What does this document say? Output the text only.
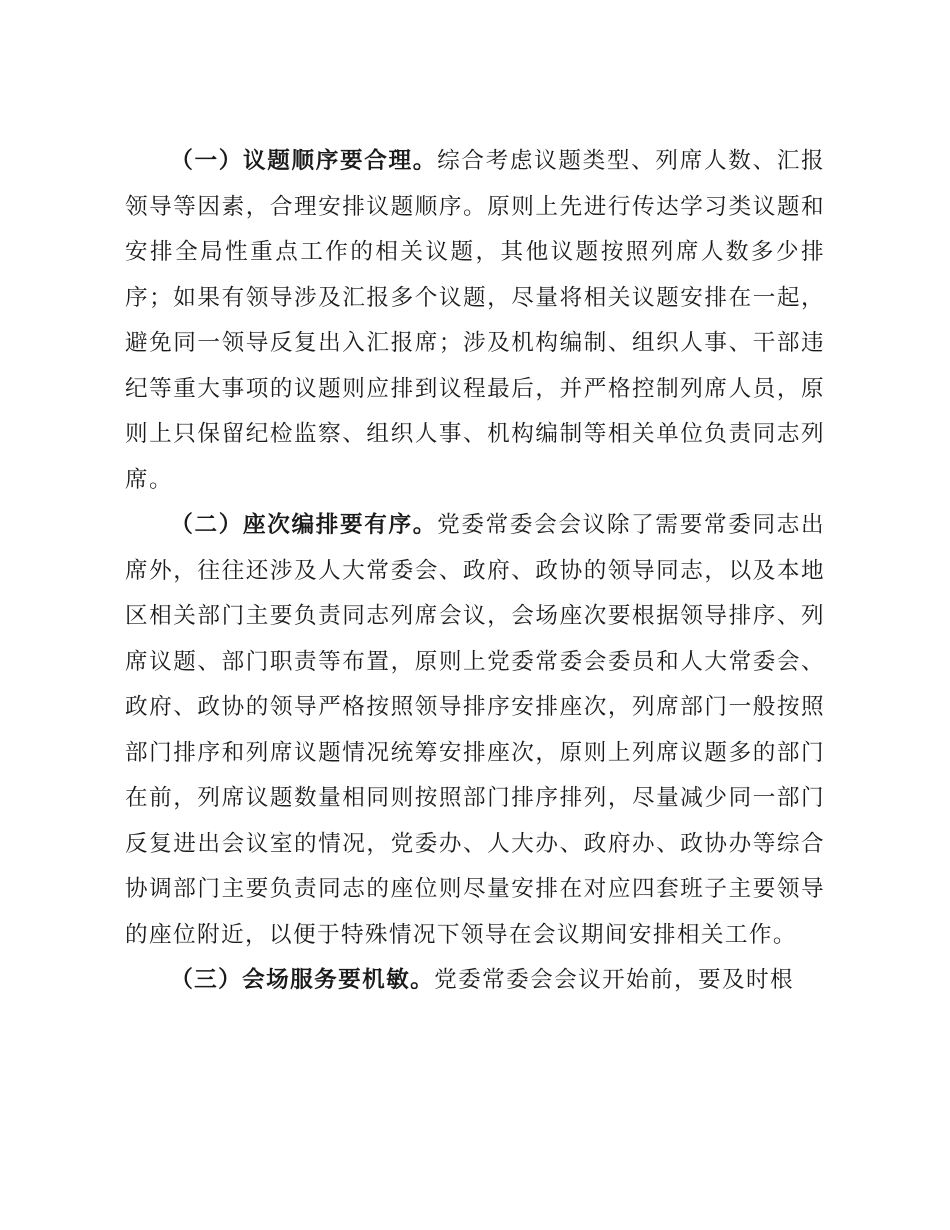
（一）议题顺序要合理。综合考虑议题类型、列席人数、汇报领导等因素，合理安排议题顺序。原则上先进行传达学习类议题和安排全局性重点工作的相关议题，其他议题按照列席人数多少排序；如果有领导涉及汇报多个议题，尽量将相关议题安排在一起，避免同一领导反复出入汇报席；涉及机构编制、组织人事、干部违纪等重大事项的议题则应排到议程最后，并严格控制列席人员，原则上只保留纪检监察、组织人事、机构编制等相关单位负责同志列席。

（二）座次编排要有序。党委常委会会议除了需要常委同志出席外，往往还涉及人大常委会、政府、政协的领导同志，以及本地区相关部门主要负责同志列席会议，会场座次要根据领导排序、列席议题、部门职责等布置，原则上党委常委会委员和人大常委会、政府、政协的领导严格按照领导排序安排座次，列席部门一般按照部门排序和列席议题情况统筹安排座次，原则上列席议题多的部门在前，列席议题数量相同则按照部门排序排列，尽量减少同一部门反复进出会议室的情况，党委办、人大办、政府办、政协办等综合协调部门主要负责同志的座位则尽量安排在对应四套班子主要领导的座位附近，以便于特殊情况下领导在会议期间安排相关工作。

（三）会场服务要机敏。党委常委会会议开始前，要及时根
